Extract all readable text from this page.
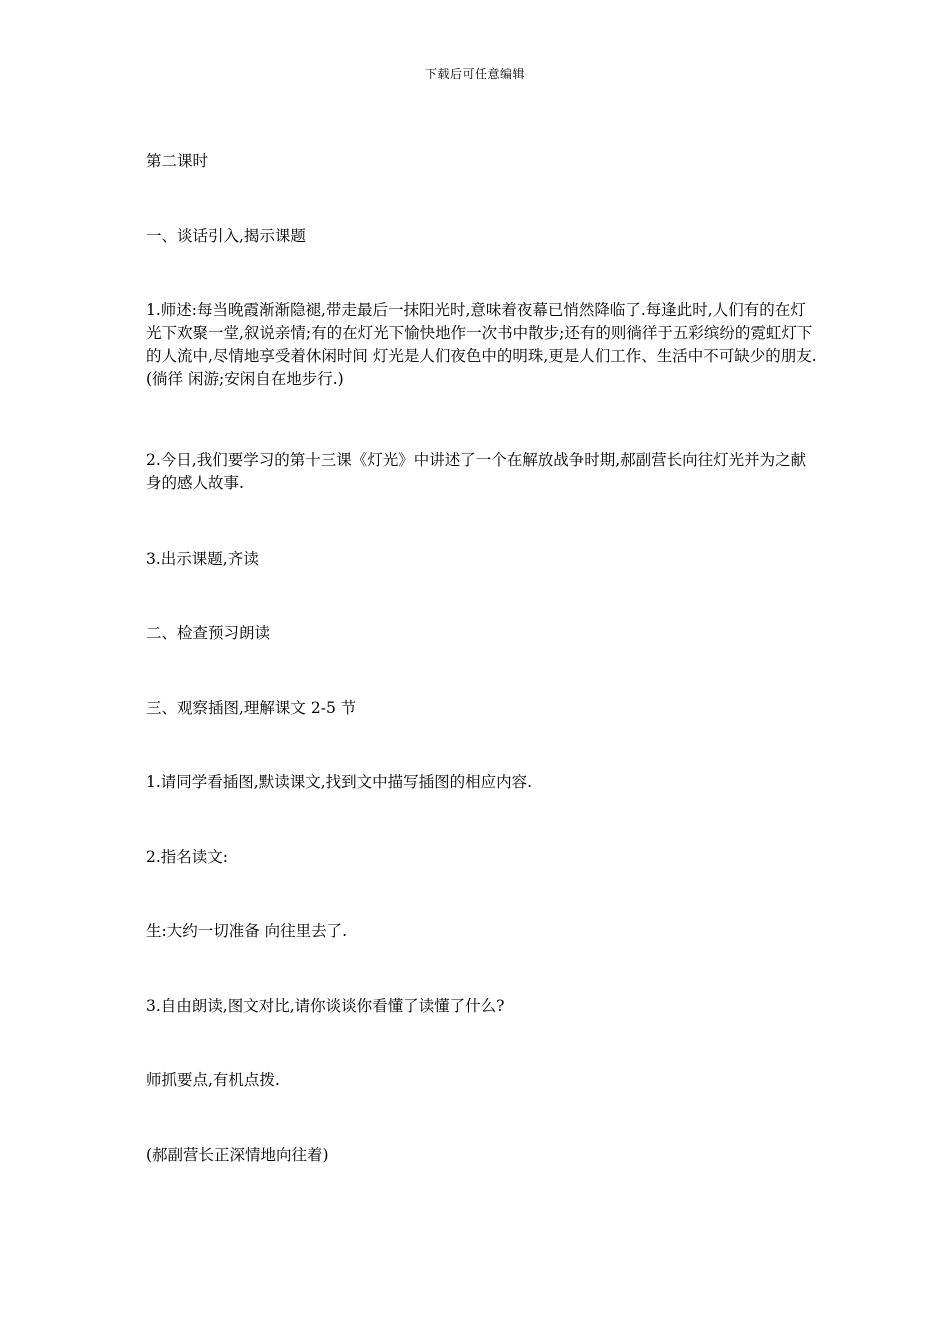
下载后可任意编辑

第二课时

一、谈话引入,揭示课题

1.师述:每当晚霞渐渐隐褪,带走最后一抹阳光时,意味着夜幕已悄然降临了.每逢此时,人们有的在灯光下欢聚一堂,叙说亲情;有的在灯光下愉快地作一次书中散步;还有的则徜徉于五彩缤纷的霓虹灯下的人流中,尽情地享受着休闲时间 灯光是人们夜色中的明珠,更是人们工作、生活中不可缺少的朋友.(徜徉 闲游;安闲自在地步行.)

2.今日,我们要学习的第十三课《灯光》中讲述了一个在解放战争时期,郝副营长向往灯光并为之献身的感人故事.

3.出示课题,齐读

二、检查预习朗读

三、观察插图,理解课文 2-5 节

1.请同学看插图,默读课文,找到文中描写插图的相应内容.

2.指名读文:

生:大约一切准备 向往里去了.

3.自由朗读,图文对比,请你谈谈你看懂了读懂了什么?

师抓要点,有机点拨.

(郝副营长正深情地向往着)
